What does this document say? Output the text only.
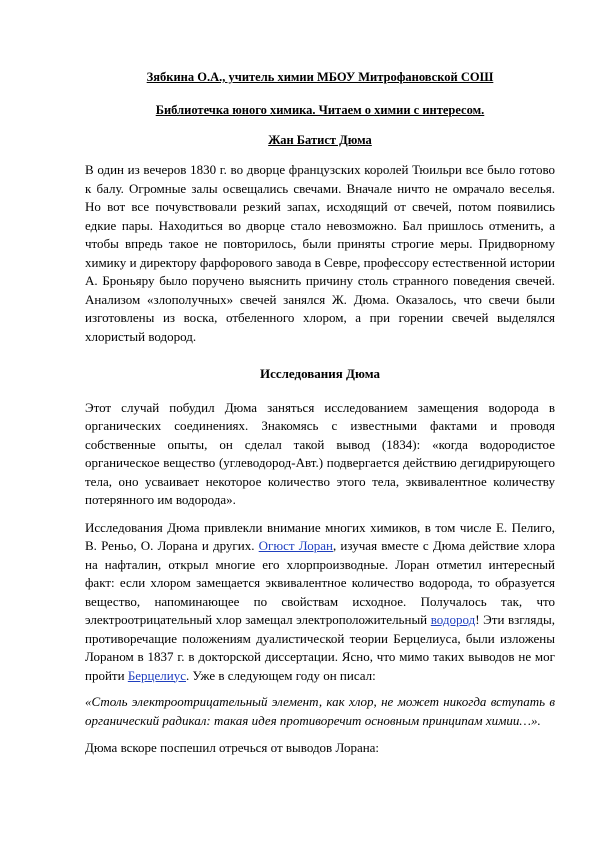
Зябкина О.А., учитель химии МБОУ Митрофановской СОШ

Библиотечка юного химика. Читаем о химии с интересом.

Жан Батист Дюма

В один из вечеров 1830 г. во дворце французских королей Тюильри все было готово к балу. Огромные залы освещались свечами. Вначале ничто не омрачало веселья. Но вот все почувствовали резкий запах, исходящий от свечей, потом появились едкие пары. Находиться во дворце стало невозможно. Бал пришлось отменить, а чтобы впредь такое не повторилось, были приняты строгие меры. Придворному химику и директору фарфорового завода в Севре, профессору естественной истории А. Броньяру было поручено выяснить причину столь странного поведения свечей. Анализом «злополучных» свечей занялся Ж. Дюма. Оказалось, что свечи были изготовлены из воска, отбеленного хлором, а при горении свечей выделялся хлористый водород.

Исследования Дюма

Этот случай побудил Дюма заняться исследованием замещения водорода в органических соединениях. Знакомясь с известными фактами и проводя собственные опыты, он сделал такой вывод (1834): «когда водородистое органическое вещество (углеводород-Авт.) подвергается действию дегидрирующего тела, оно усваивает некоторое количество этого тела, эквивалентное количеству потерянного им водорода».

Исследования Дюма привлекли внимание многих химиков, в том числе Е. Пелиго, В. Реньо, О. Лорана и других. Огюст Лоран, изучая вместе с Дюма действие хлора на нафталин, открыл многие его хлорпроизводные. Лоран отметил интересный факт: если хлором замещается эквивалентное количество водорода, то образуется вещество, напоминающее по свойствам исходное. Получалось так, что электроотрицательный хлор замещал электроположительный водород! Эти взгляды, противоречащие положениям дуалистической теории Берцелиуса, были изложены Лораном в 1837 г. в докторской диссертации. Ясно, что мимо таких выводов не мог пройти Берцелиус. Уже в следующем году он писал:

«Столь электроотрицательный элемент, как хлор, не может никогда вступать в органический радикал: такая идея противоречит основным принципам химии…».

Дюма вскоре поспешил отречься от выводов Лорана:
